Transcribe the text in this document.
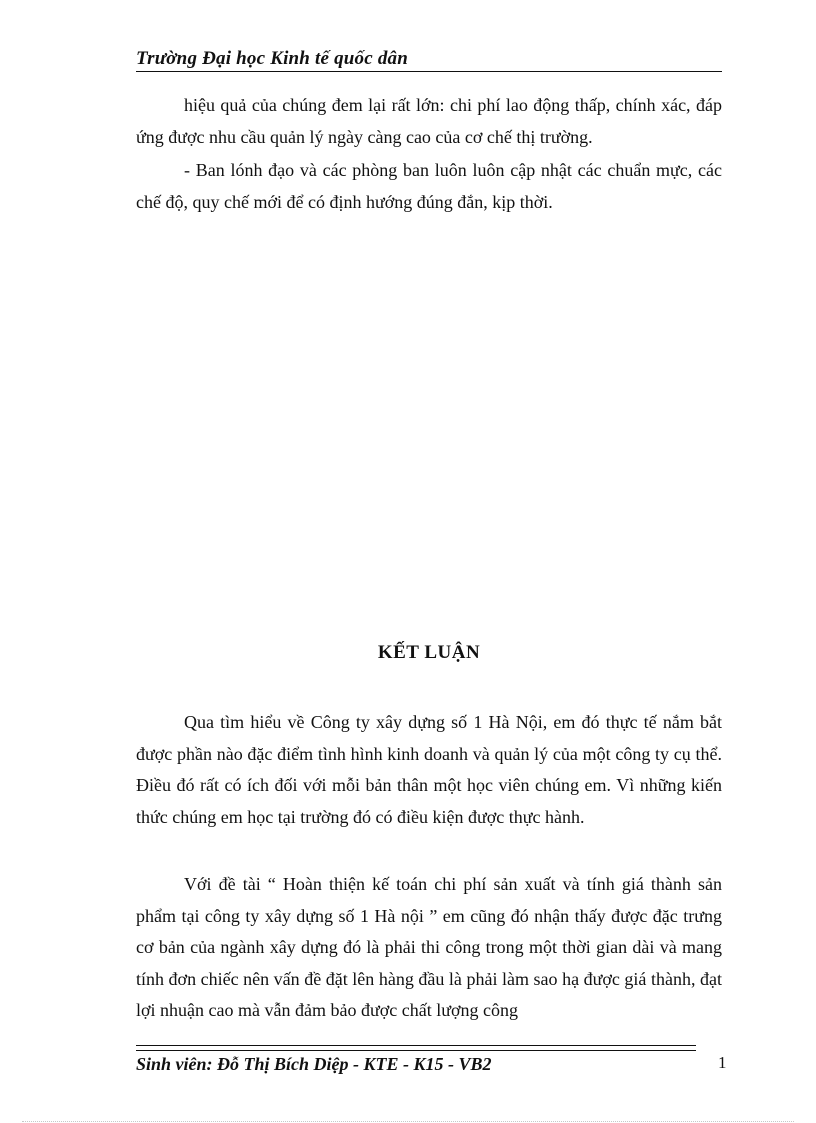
Trường Đại học Kinh tế quốc dân

hiệu quả của chúng đem lại rất lớn: chi phí lao động thấp, chính xác, đáp ứng được nhu cầu quản lý ngày càng cao của cơ chế thị trường.

- Ban lónh đạo và các phòng ban luôn luôn cập nhật các chuẩn mực, các chế độ, quy chế mới để có định hướng đúng đắn, kịp thời.

KẾT LUẬN

Qua tìm hiểu về Công ty xây dựng số 1 Hà Nội, em đó thực tế nắm bắt được phần nào đặc điểm tình hình kinh doanh và quản lý của một công ty cụ thể. Điều đó rất có ích đối với mỗi bản thân một học viên chúng em. Vì những kiến thức chúng em học tại trường đó có điều kiện được thực hành.

Với đề tài “ Hoàn thiện kế toán chi phí sản xuất và tính giá thành sản phẩm tại công ty xây dựng số 1 Hà nội ” em cũng đó nhận thấy được đặc trưng cơ bản của ngành xây dựng đó là phải thi công trong một thời gian dài và mang tính đơn chiếc nên vấn đề đặt lên hàng đầu là phải làm sao hạ được giá thành, đạt lợi nhuận cao mà vẫn đảm bảo được chất lượng công

Sinh viên: Đỗ Thị Bích Diệp - KTE - K15 - VB2	1
